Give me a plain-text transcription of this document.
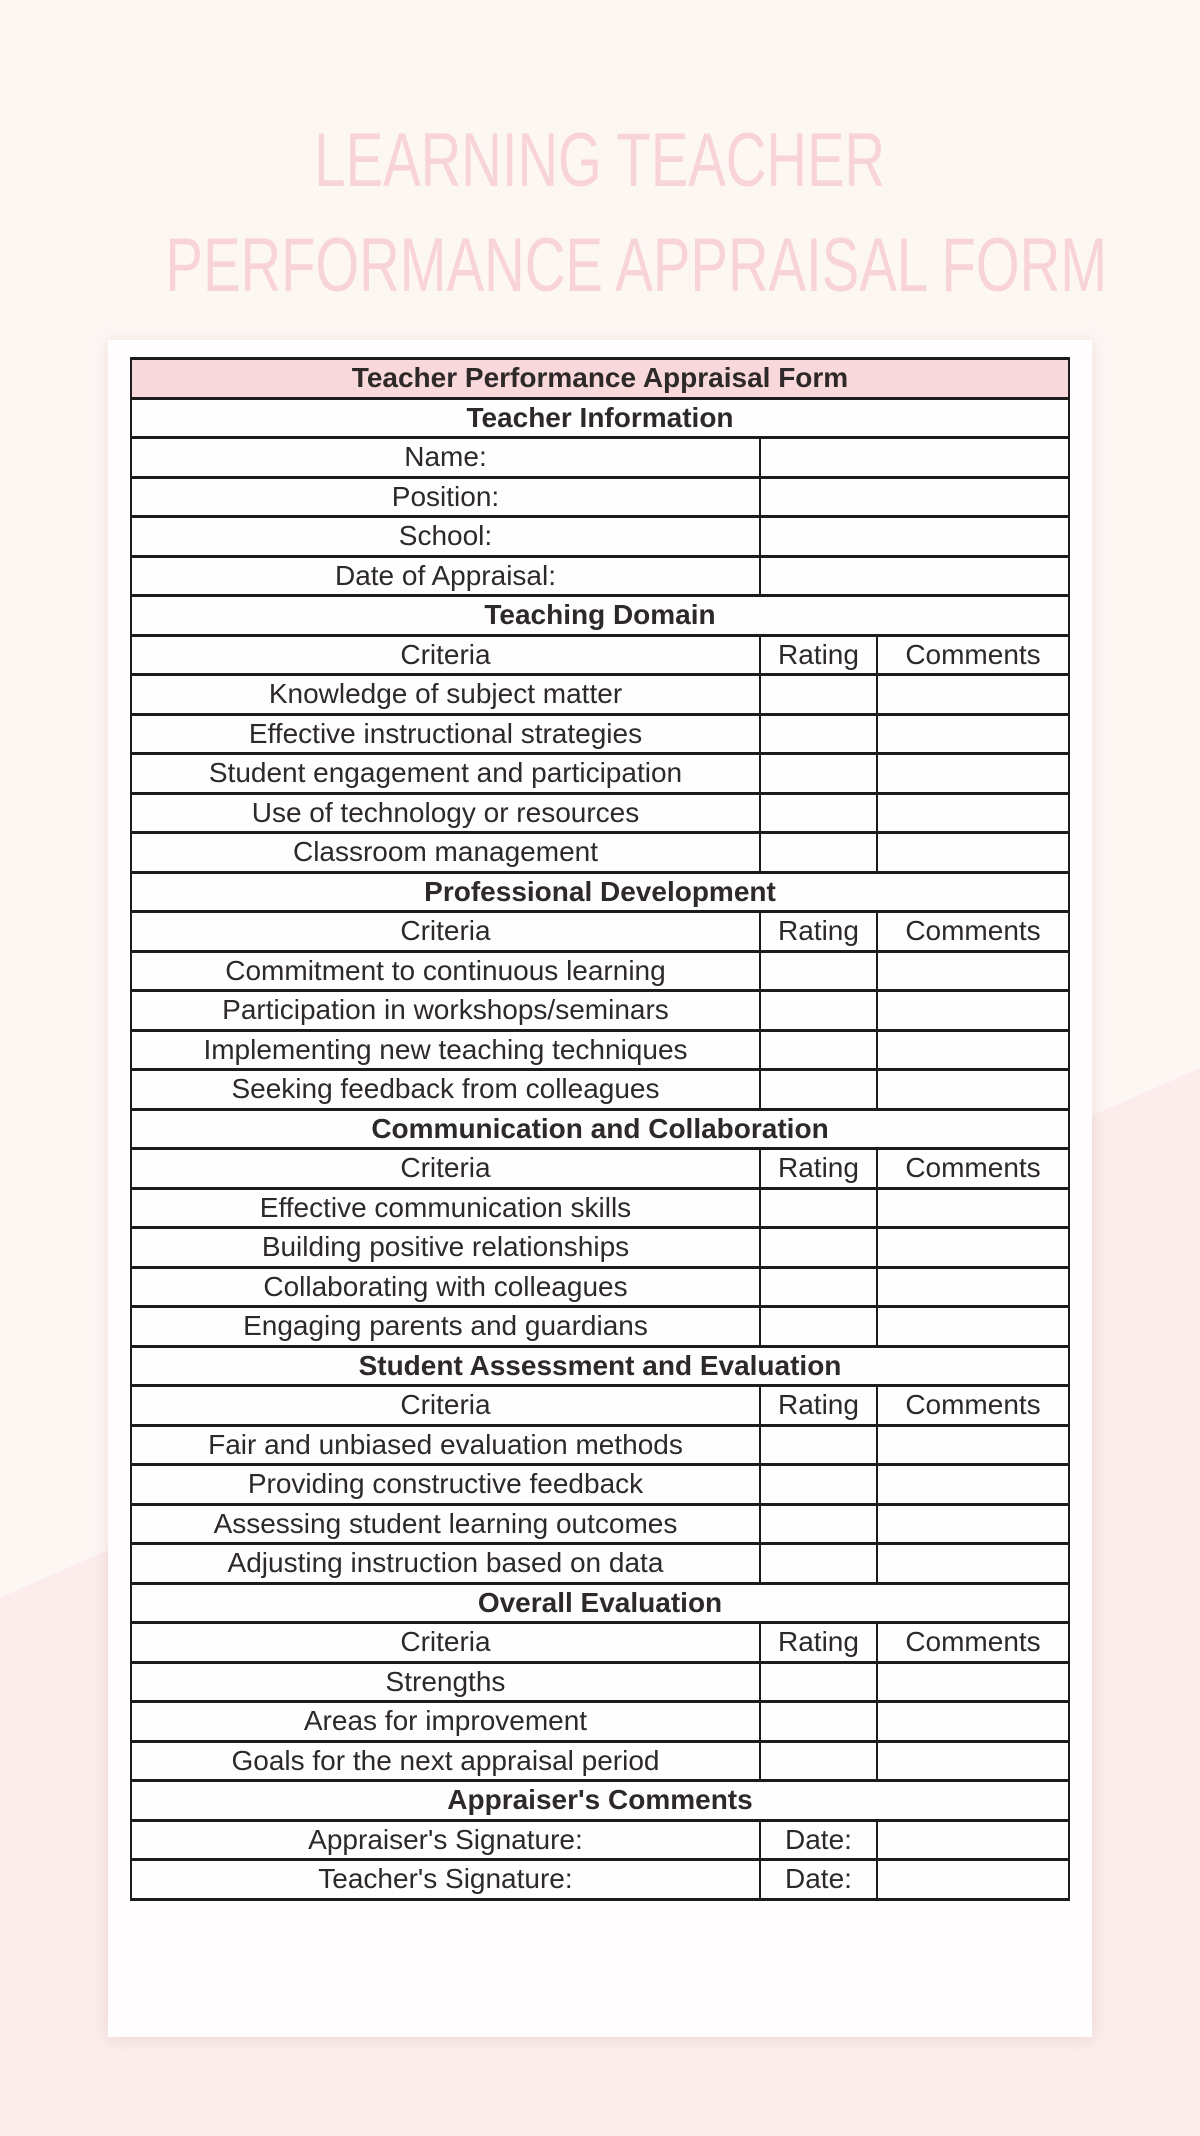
LEARNING TEACHER
PERFORMANCE APPRAISAL FORM
Teacher Performance Appraisal Form		
Teacher Information		
Name:		
Position:		
School:		
Date of Appraisal:		
Teaching Domain		
Criteria	Rating	Comments
Knowledge of subject matter		
Effective instructional strategies		
Student engagement and participation		
Use of technology or resources		
Classroom management		
Professional Development		
Criteria	Rating	Comments
Commitment to continuous learning		
Participation in workshops/seminars		
Implementing new teaching techniques		
Seeking feedback from colleagues		
Communication and Collaboration		
Criteria	Rating	Comments
Effective communication skills		
Building positive relationships		
Collaborating with colleagues		
Engaging parents and guardians		
Student Assessment and Evaluation		
Criteria	Rating	Comments
Fair and unbiased evaluation methods		
Providing constructive feedback		
Assessing student learning outcomes		
Adjusting instruction based on data		
Overall Evaluation		
Criteria	Rating	Comments
Strengths		
Areas for improvement		
Goals for the next appraisal period		
Appraiser's Comments		
Appraiser's Signature:	Date:	
Teacher's Signature:	Date:	
